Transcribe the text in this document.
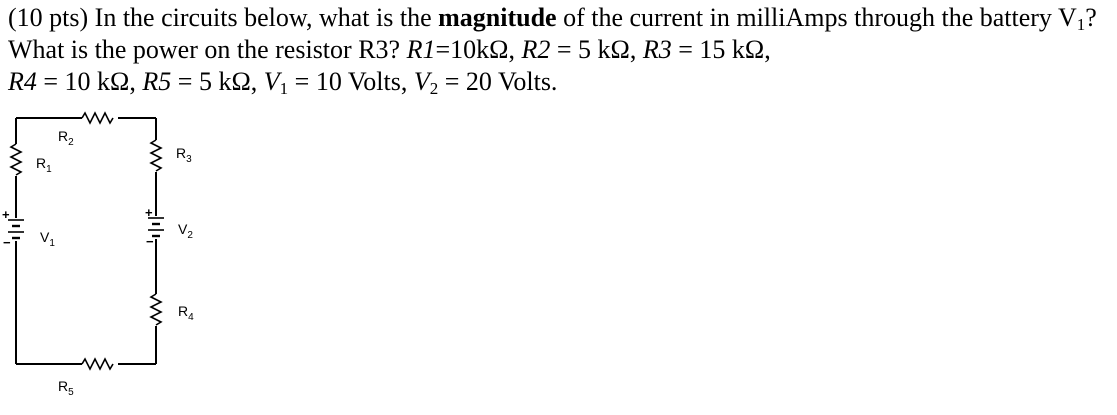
(10 pts) In the circuits below, what is the magnitude of the current in milliAmps through the battery $V_1$? What is the power on the resistor R3? R1=10kΩ, R2 = 5 kΩ, R3 = 15 kΩ,
R4 = 10 kΩ, R5 = 5 kΩ, $V_1 = 10$ Volts, $V_2 = 20$ Volts.
+
−
+
−
$R_2$
$R_1$
$R_3$
$V_1$
$V_2$
$R_4$
$R_5$
